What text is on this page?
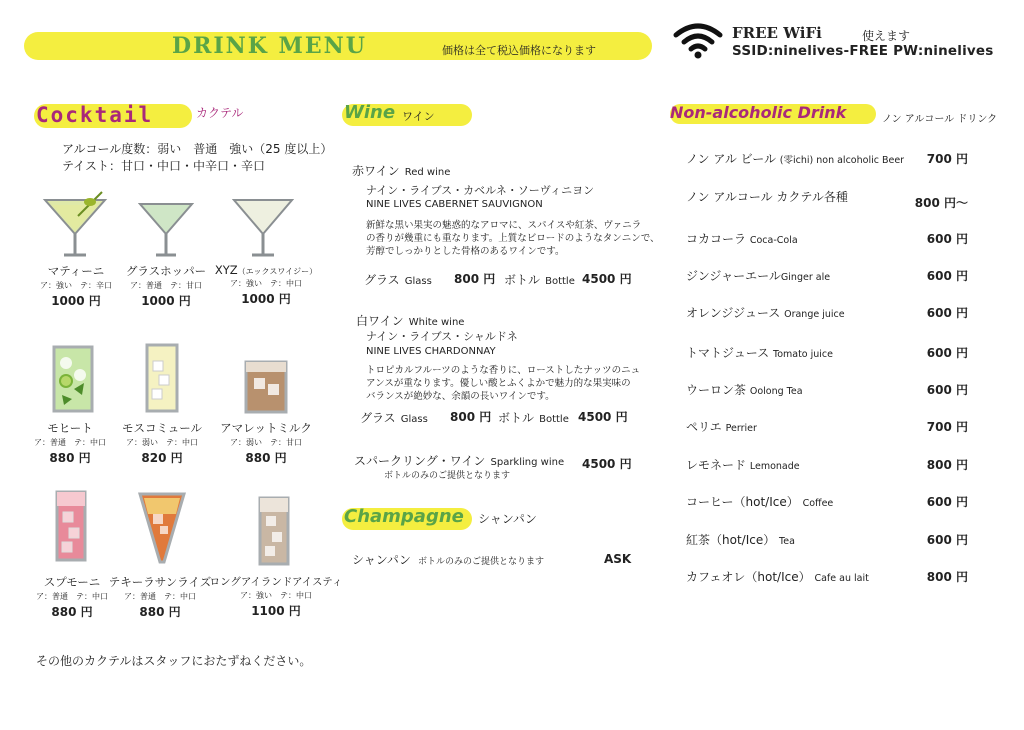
DRINK MENU	価格は全て税込価格になります
FREE WiFi	使えます
SSID:ninelives-FREE PW:ninelives
Cocktail	カクテル
アルコール度数：弱い　普通　強い（25 度以上）
テイスト：甘口・中口・中辛口・辛口
マティーニ
ア：強い　テ：辛口
1000 円
グラスホッパー
ア：普通　テ：甘口
1000 円
XYZ（エックスワイジー）
ア：強い　テ：中口
1000 円
モヒート
ア：普通　テ：中口
880 円
モスコミュール
ア：弱い　テ：中口
820 円
アマレットミルク
ア：弱い　テ：甘口
880 円
スプモーニ
ア：普通　テ：中口
880 円
テキーラサンライズ
ア：普通　テ：中口
880 円
ロングアイランドアイスティ
ア：強い　テ：中口
1100 円
その他のカクテルはスタッフにおたずねください。
Wine ワイン
赤ワイン Red wine
ナイン・ライブス・カベルネ・ソーヴィニヨン
NINE LIVES CABERNET SAUVIGNON
新鮮な黒い果実の魅惑的なアロマに、スパイスや紅茶、ヴァニラ
の香りが幾重にも重なります。上質なビロードのようなタンニンで、
芳醇でしっかりとした骨格のあるワインです。
グラス Glass 800 円 ボトル Bottle 4500 円
白ワイン White wine
ナイン・ライブス・シャルドネ
NINE LIVES CHARDONNAY
トロピカルフルーツのような香りに、ローストしたナッツのニュ
アンスが重なります。優しい酸とふくよかで魅力的な果実味の
バランスが絶妙な、余韻の長いワインです。
グラス Glass 800 円 ボトル Bottle 4500 円
スパークリング・ワイン Sparkling wine
ボトルのみのご提供となります
4500 円
Champagne シャンパン
シャンパン ボトルのみのご提供となります	ASK
Non-alcoholic Drink	ノン アルコール ドリンク
ノン アル ビール (零ichi) non alcoholic Beer 700 円
ノン アルコール カクテル各種	800 円〜
コカコーラ Coca-Cola	600 円
ジンジャーエールGinger ale	600 円
オレンジジュース Orange juice	600 円
トマトジュース Tomato juice	600 円
ウーロン茶 Oolong Tea	600 円
ペリエ Perrier	700 円
レモネード Lemonade	800 円
コーヒー（hot/Ice） Coffee	600 円
紅茶（hot/Ice） Tea	600 円
カフェオレ（hot/Ice） Cafe au lait	800 円
